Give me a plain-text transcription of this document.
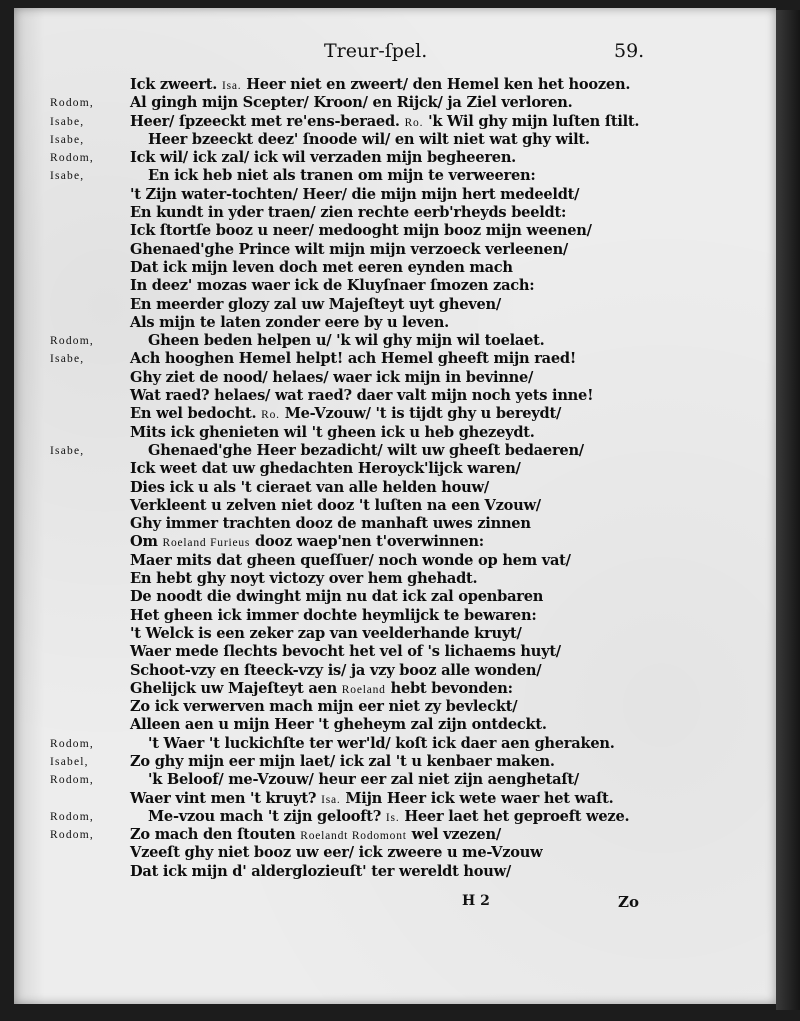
Treur-ſpel.	59.
Ick zweert. Isa. Heer niet en zweert/ den Hemel ken het hoozen.
Rodom, Al gingh mijn Scepter/ Kroon/ en Rijck/ ja Ziel verloren.
Isabe,	Heer/ ſpzeeckt met re'ens-beraed. Ro. 'k Wil ghy mijn luſten ſtilt.
Isabe,	Heer bzeeckt deez' ſnoode wil/ en wilt niet wat ghy wilt.
Rodom, Ick wil/ ick zal/ ick wil verzaden mijn begheeren.
Isabe,	En ick heb niet als tranen om mijn te verweeren:
't Zijn water-tochten/ Heer/ die mijn mijn hert medeeldt/
En kundt in yder traen/ zien rechte eerb'rheyds beeldt:
Ick ſtortſe booz u neer/ medooght mijn booz mijn weenen/
Ghenaed'ghe Prince wilt mijn mijn verzoeck verleenen/
Dat ick mijn leven doch met eeren eynden mach
In deez' mozas waer ick de Kluyſnaer ſmozen zach:
En meerder glozy zal uw Majeſteyt uyt gheven/
Als mijn te laten zonder eere by u leven.
Rodom,	Gheen beden helpen u/ 'k wil ghy mijn wil toelaet.
Isabe,	Ach hooghen Hemel helpt! ach Hemel gheeft mijn raed!
Ghy ziet de nood/ helaes/ waer ick mijn in bevinne/
Wat raed? helaes/ wat raed? daer valt mijn noch yets inne!
En wel bedocht. Ro. Me-Vzouw/ 't is tijdt ghy u bereydt/
Mits ick ghenieten wil 't gheen ick u heb ghezeydt.
Isabe,	Ghenaed'ghe Heer bezadicht/ wilt uw gheeſt bedaeren/
Ick weet dat uw ghedachten Heroyck'lijck waren/
Dies ick u als 't cieraet van alle helden houw/
Verkleent u zelven niet dooz 't luſten na een Vzouw/
Ghy immer trachten dooz de manhaft uwes zinnen
Om Roeland Furieus dooz waep'nen t'overwinnen:
Maer mits dat gheen queſſuer/ noch wonde op hem vat/
En hebt ghy noyt victozy over hem ghehadt.
De noodt die dwinght mijn nu dat ick zal openbaren
Het gheen ick immer dochte heymlijck te bewaren:
't Welck is een zeker zap van veelderhande kruyt/
Waer mede ſlechts bevocht het vel of 's lichaems huyt/
Schoot-vzy en ſteeck-vzy is/ ja vzy booz alle wonden/
Ghelijck uw Majeſteyt aen Roeland hebt bevonden:
Zo ick verwerven mach mijn eer niet zy bevleckt/
Alleen aen u mijn Heer 't gheheym zal zijn ontdeckt.
Rodom,	't Waer 't luckichſte ter wer'ld/ koſt ick daer aen gheraken.
Isabel,	Zo ghy mijn eer mijn laet/ ick zal 't u kenbaer maken.
Rodom,	'k Beloof/ me-Vzouw/ heur eer zal niet zijn aenghetaſt/
Waer vint men 't kruyt? Isa. Mijn Heer ick wete waer het waſt.
Rodom,	Me-vzou mach 't zijn gelooft? Is. Heer laet het geproeft weze.
Rodom, Zo mach den ſtouten Roelandt Rodomont wel vzezen/
Vzeeſt ghy niet booz uw eer/ ick zweere u me-Vzouw
Dat ick mijn d' alderglozieuſt' ter wereldt houw/
H 2	Zo
